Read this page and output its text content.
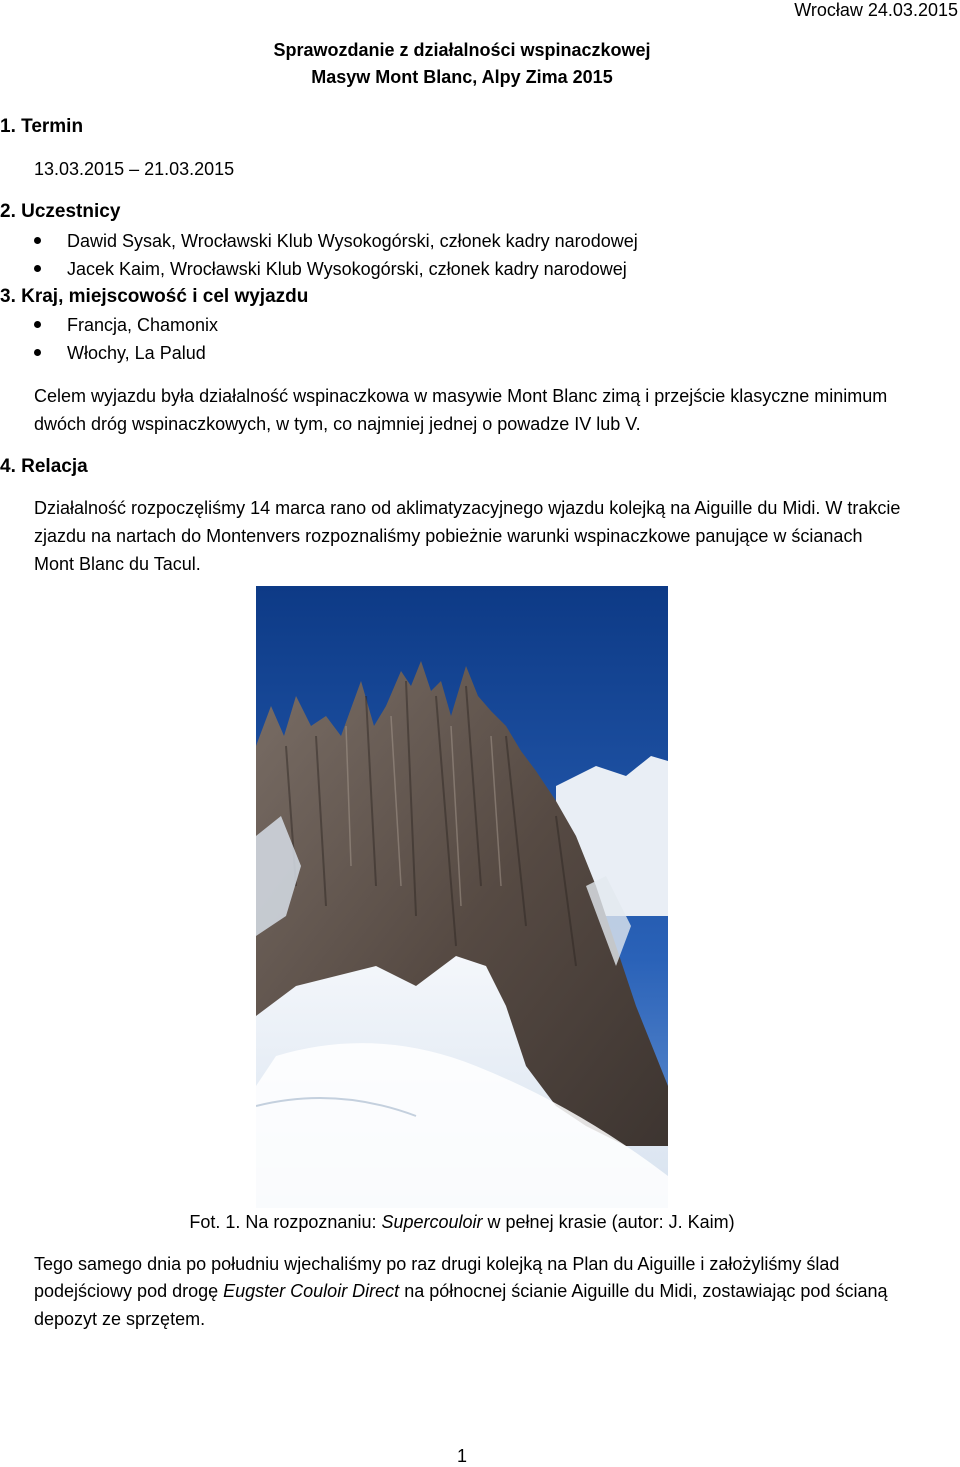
Wrocław 24.03.2015
Sprawozdanie z działalności wspinaczkowej
Masyw Mont Blanc, Alpy Zima 2015
1. Termin
13.03.2015 – 21.03.2015
2. Uczestnicy
Dawid Sysak, Wrocławski Klub Wysokogórski, członek kadry narodowej
Jacek Kaim, Wrocławski Klub Wysokogórski, członek kadry narodowej
3. Kraj, miejscowość i cel wyjazdu
Francja, Chamonix
Włochy, La Palud
Celem wyjazdu była działalność wspinaczkowa w masywie Mont Blanc zimą i przejście klasyczne minimum
dwóch dróg wspinaczkowych, w tym, co najmniej jednej o powadze IV lub V.
4. Relacja
Działalność rozpoczęliśmy 14 marca rano od aklimatyzacyjnego wjazdu kolejką na Aiguille du Midi. W trakcie
zjazdu na nartach do Montenvers rozpoznaliśmy pobieżnie warunki wspinaczkowe panujące w ścianach
Mont Blanc du Tacul.
Fot. 1. Na rozpoznaniu: Supercouloir w pełnej krasie (autor: J. Kaim)
Tego samego dnia po południu wjechaliśmy po raz drugi kolejką na Plan du Aiguille i założyliśmy ślad
podejściowy pod drogę Eugster Couloir Direct na północnej ścianie Aiguille du Midi, zostawiając pod ścianą
depozyt ze sprzętem.
1
